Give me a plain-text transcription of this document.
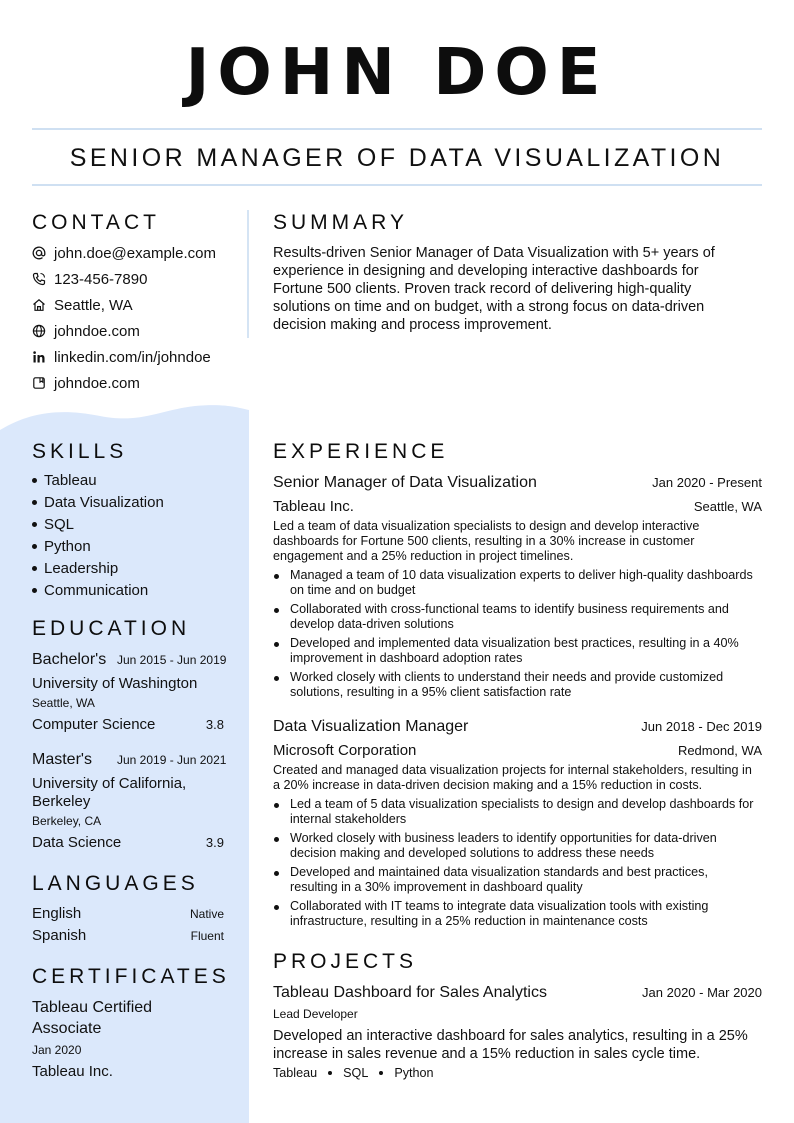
JOHN DOE
SENIOR MANAGER OF DATA VISUALIZATION
CONTACT
john.doe@example.com
123-456-7890
Seattle, WA
johndoe.com
linkedin.com/in/johndoe
johndoe.com
SUMMARY
Results-driven Senior Manager of Data Visualization with 5+ years of
experience in designing and developing interactive dashboards for
Fortune 500 clients. Proven track record of delivering high-quality
solutions on time and on budget, with a strong focus on data-driven
decision making and process improvement.
SKILLS
Tableau
Data Visualization
SQL
Python
Leadership
Communication
EDUCATION
Bachelor's Jun 2015 - Jun 2019
University of Washington
Seattle, WA
Computer Science	3.8
Master's Jun 2019 - Jun 2021
University of California,
Berkeley
Berkeley, CA
Data Science	3.9
LANGUAGES
English	Native
Spanish	Fluent
CERTIFICATES
Tableau Certified
Associate
Jan 2020
Tableau Inc.
EXPERIENCE
Senior Manager of Data Visualization	Jan 2020 - Present
Tableau Inc.	Seattle, WA
Led a team of data visualization specialists to design and develop interactive
dashboards for Fortune 500 clients, resulting in a 30% increase in customer
engagement and a 25% reduction in project timelines.
Managed a team of 10 data visualization experts to deliver high-quality dashboards
on time and on budget
Collaborated with cross-functional teams to identify business requirements and
develop data-driven solutions
Developed and implemented data visualization best practices, resulting in a 40%
improvement in dashboard adoption rates
Worked closely with clients to understand their needs and provide customized
solutions, resulting in a 95% client satisfaction rate
Data Visualization Manager	Jun 2018 - Dec 2019
Microsoft Corporation	Redmond, WA
Created and managed data visualization projects for internal stakeholders, resulting in
a 20% increase in data-driven decision making and a 15% reduction in costs.
Led a team of 5 data visualization specialists to design and develop dashboards for
internal stakeholders
Worked closely with business leaders to identify opportunities for data-driven
decision making and developed solutions to address these needs
Developed and maintained data visualization standards and best practices,
resulting in a 30% improvement in dashboard quality
Collaborated with IT teams to integrate data visualization tools with existing
infrastructure, resulting in a 25% reduction in maintenance costs
PROJECTS
Tableau Dashboard for Sales Analytics	Jan 2020 - Mar 2020
Lead Developer
Developed an interactive dashboard for sales analytics, resulting in a 25%
increase in sales revenue and a 15% reduction in sales cycle time.
Tableau SQL Python
